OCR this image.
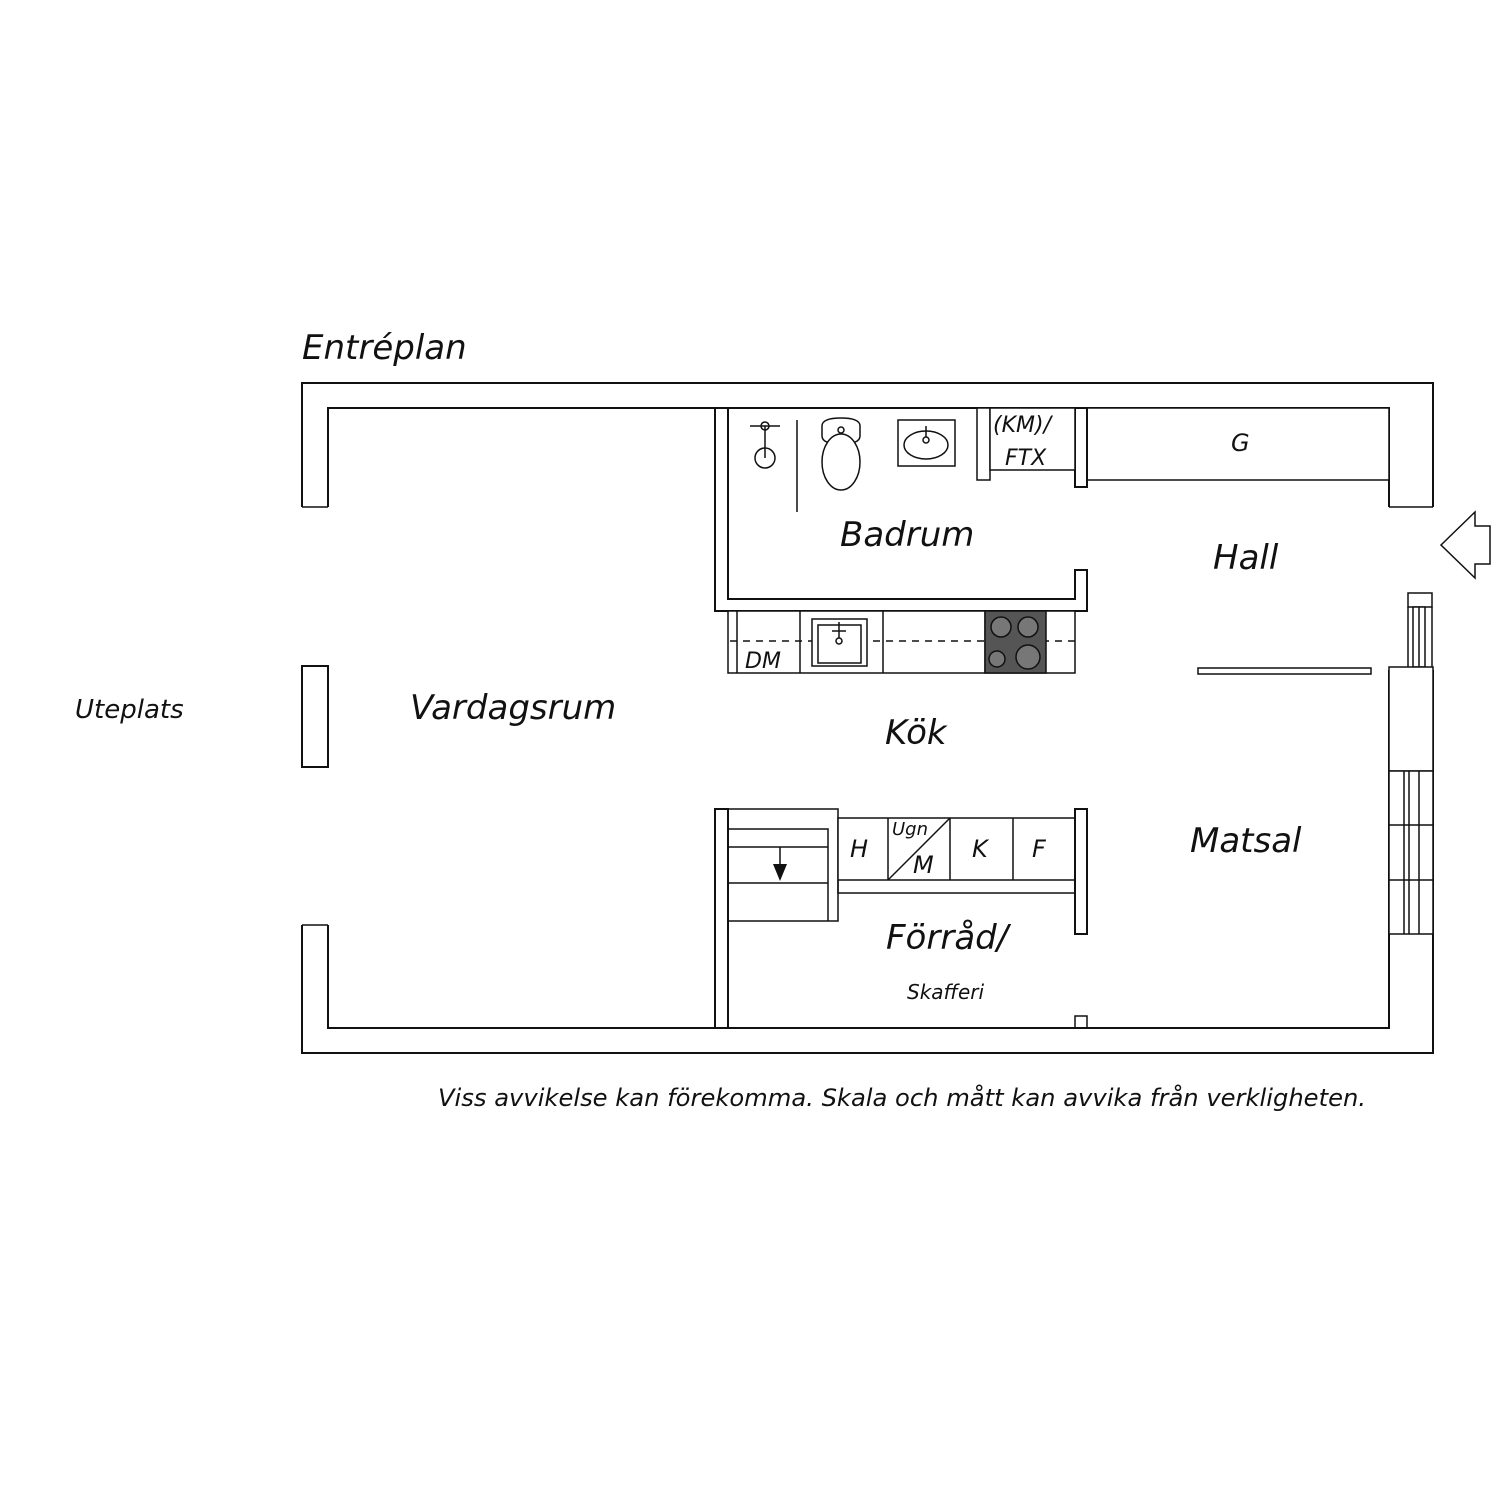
Entréplan
G
(KM)/
FTX
DM
H
Ugn
M
K F
Badrum
Hall
Vardagsrum
Kök
Matsal
Förråd/
Skafferi
Uteplats
Viss avvikelse kan förekomma. Skala och mått kan avvika från verkligheten.
